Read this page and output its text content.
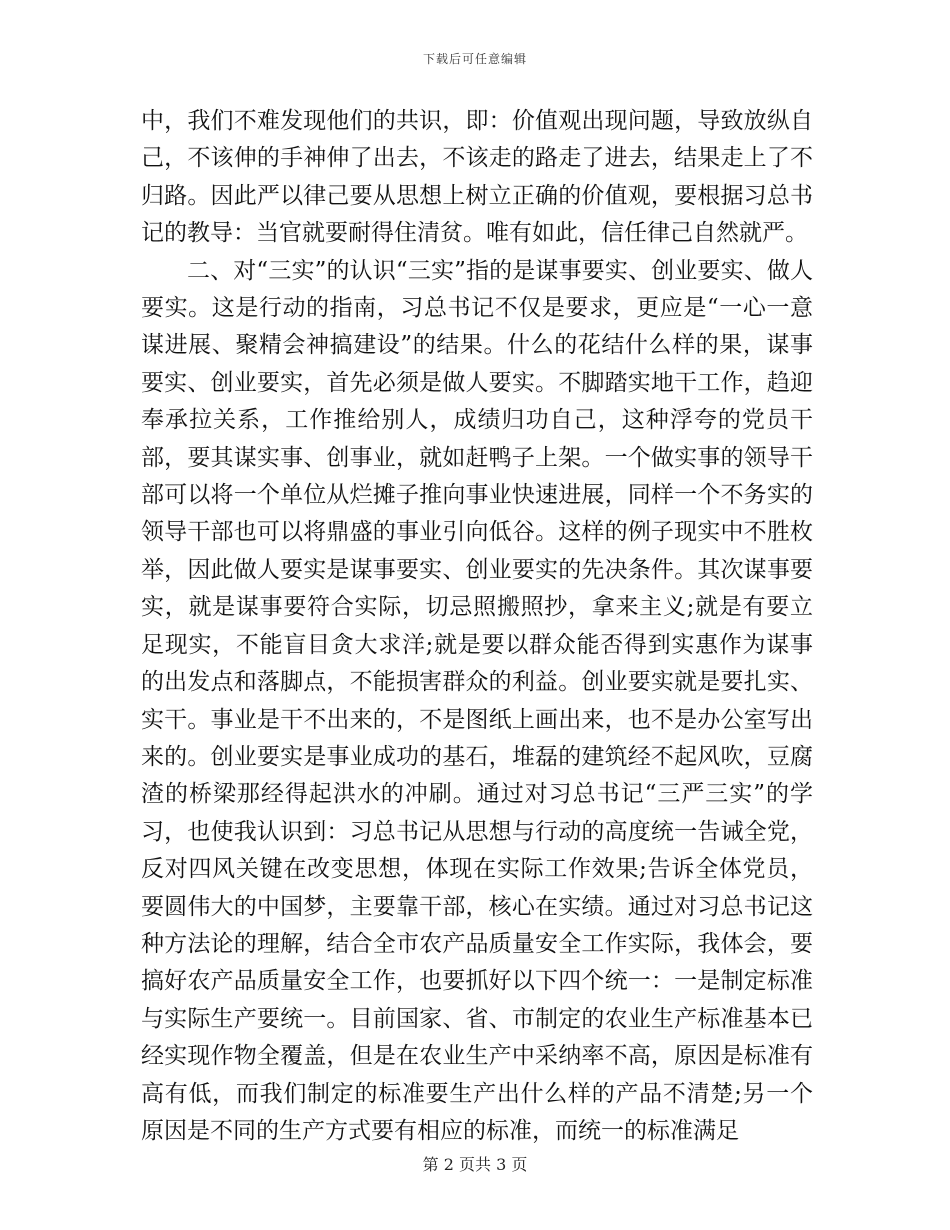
下载后可任意编辑

中，我们不难发现他们的共识，即：价值观出现问题，导致放纵自己，不该伸的手神伸了出去，不该走的路走了进去，结果走上了不归路。因此严以律己要从思想上树立正确的价值观，要根据习总书记的教导：当官就要耐得住清贫。唯有如此，信任律己自然就严。

二、对“三实”的认识“三实”指的是谋事要实、创业要实、做人要实。这是行动的指南，习总书记不仅是要求，更应是“一心一意谋进展、聚精会神搞建设”的结果。什么的花结什么样的果，谋事要实、创业要实，首先必须是做人要实。不脚踏实地干工作，趋迎奉承拉关系，工作推给别人，成绩归功自己，这种浮夸的党员干部，要其谋实事、创事业，就如赶鸭子上架。一个做实事的领导干部可以将一个单位从烂摊子推向事业快速进展，同样一个不务实的领导干部也可以将鼎盛的事业引向低谷。这样的例子现实中不胜枚举，因此做人要实是谋事要实、创业要实的先决条件。其次谋事要实，就是谋事要符合实际，切忌照搬照抄，拿来主义;就是有要立足现实，不能盲目贪大求洋;就是要以群众能否得到实惠作为谋事的出发点和落脚点，不能损害群众的利益。创业要实就是要扎实、实干。事业是干不出来的，不是图纸上画出来，也不是办公室写出来的。创业要实是事业成功的基石，堆磊的建筑经不起风吹，豆腐渣的桥梁那经得起洪水的冲刷。通过对习总书记“三严三实”的学习，也使我认识到：习总书记从思想与行动的高度统一告诫全党，反对四风关键在改变思想，体现在实际工作效果;告诉全体党员，要圆伟大的中国梦，主要靠干部，核心在实绩。通过对习总书记这种方法论的理解，结合全市农产品质量安全工作实际，我体会，要搞好农产品质量安全工作，也要抓好以下四个统一：一是制定标准与实际生产要统一。目前国家、省、市制定的农业生产标准基本已经实现作物全覆盖，但是在农业生产中采纳率不高，原因是标准有高有低，而我们制定的标准要生产出什么样的产品不清楚;另一个原因是不同的生产方式要有相应的标准，而统一的标准满足

第 2 页共 3 页
